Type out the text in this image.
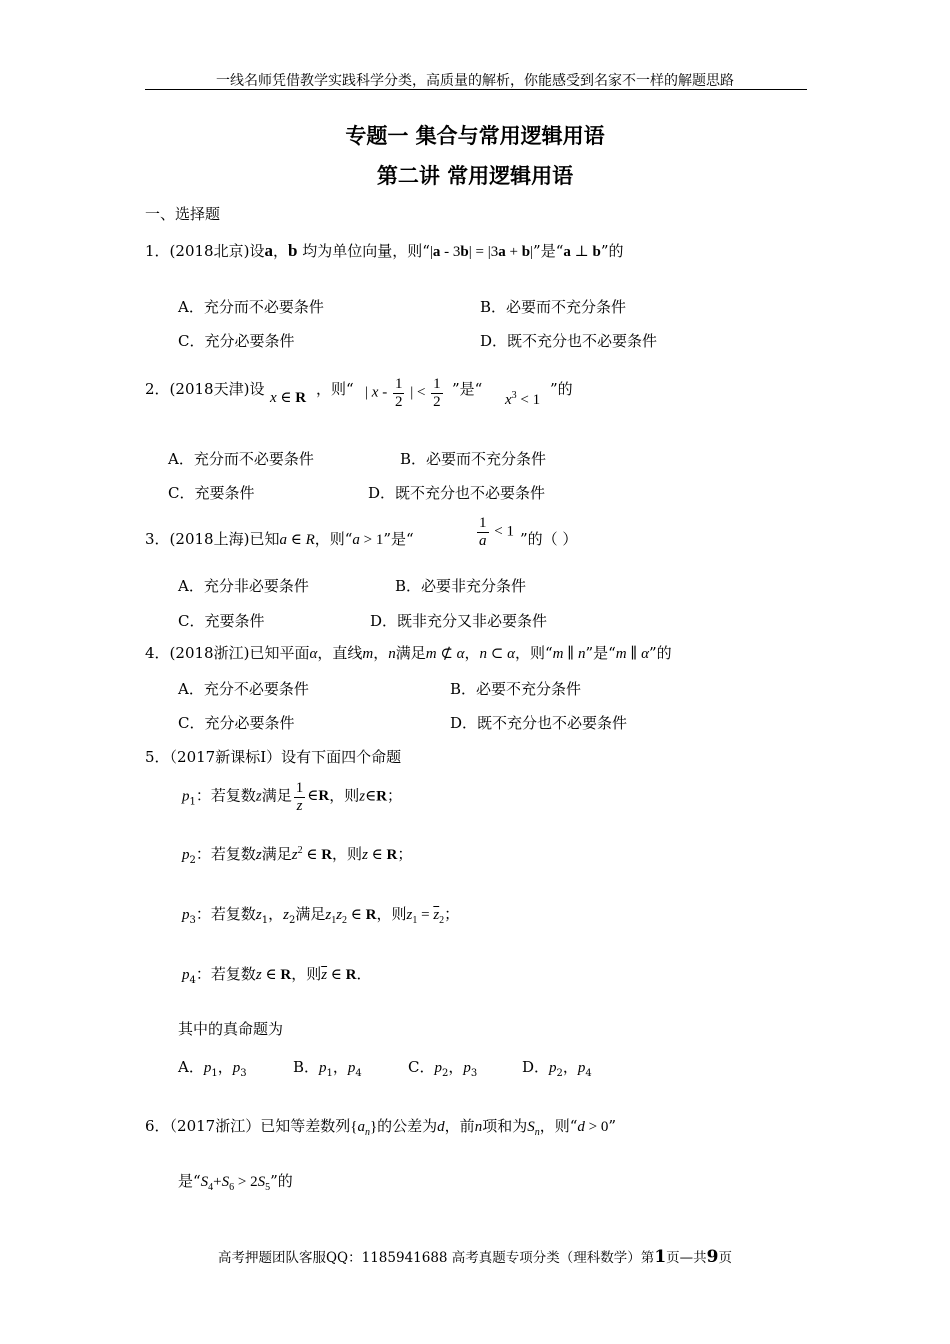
一线名师凭借教学实践科学分类，高质量的解析，你能感受到名家不一样的解题思路
专题一 集合与常用逻辑用语
第二讲 常用逻辑用语
一、选择题
1．(2018北京)设a，b 均为单位向量，则“|a - 3b| = |3a + b|”是“a ⊥ b”的
A．充分而不必要条件	B．必要而不充分条件
C．充分必要条件	D．既不充分也不必要条件
2．(2018天津)设 x ∈ R ，则“ | x - $\frac{1}{2}$ | < $\frac{1}{2}$ ”是“
$x^3 < 1$
”的
A．充分而不必要条件	B．必要而不充分条件
C．充要条件	D．既不充分也不必要条件
3．(2018上海)已知a ∈ R，则“a > 1”是“	$\frac{1}{a} < 1$ ”的（ ）
A．充分非必要条件	B．必要非充分条件
C．充要条件	D．既非充分又非必要条件
4．(2018浙江)已知平面α，直线m，n满足m ⊄ α，n ⊂ α，则“m ∥ n”是“m ∥ α”的
A．充分不必要条件	B．必要不充分条件
C．充分必要条件	D．既不充分也不必要条件
5．（2017新课标Ⅰ）设有下面四个命题
$p_1$：若复数z满足 $\frac{1}{z}$ ∈R，则z∈R；
$p_2$：若复数z满足$z^2$ ∈ R，则z ∈ R；
$p_3$：若复数$z_1$，$z_2$满足$z_1z_2$ ∈ R，则$z_1 = \overline{z}_2$；
$p_4$：若复数z ∈ R，则$\overline{z}$ ∈ R．
其中的真命题为
A．$p_1$，$p_3$	B．$p_1$，$p_4$	C．$p_2$，$p_3$	D．$p_2$，$p_4$
6．（2017浙江）已知等差数列$\{a_n\}$的公差为d，前n项和为$S_n$，则“d > 0”
是“$S_4+S_6 > 2S_5$”的
高考押题团队客服QQ：1185941688 高考真题专项分类（理科数学）第1页—共9页
